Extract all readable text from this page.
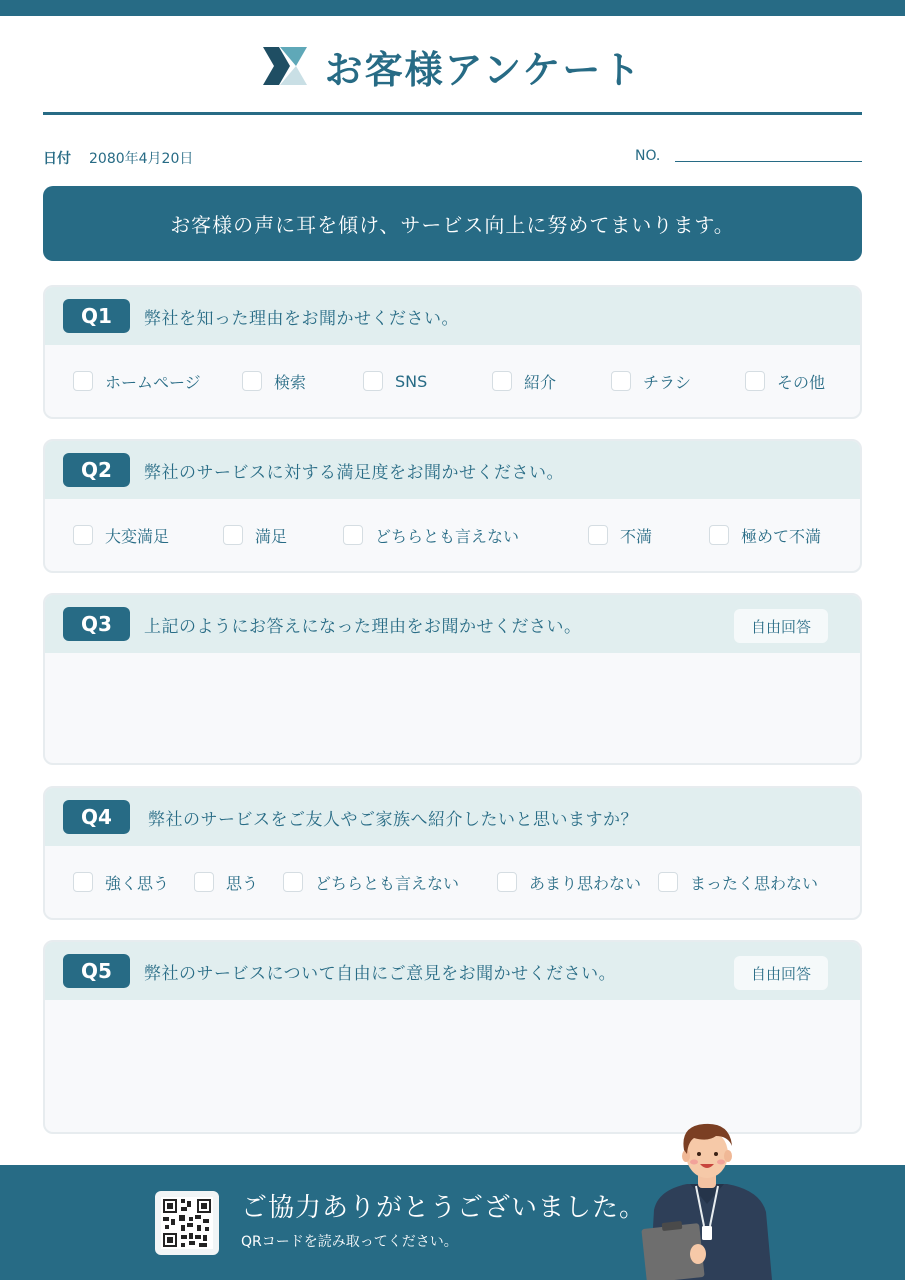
お客様アンケート
日付 2080年4月20日	NO.
お客様の声に耳を傾け、サービス向上に努めてまいります。
Q1	弊社を知った理由をお聞かせください。
ホームページ	検索	SNS	紹介	チラシ	その他
Q2	弊社のサービスに対する満足度をお聞かせください。
大変満足	満足	どちらとも言えない	不満	極めて不満
Q3	上記のようにお答えになった理由をお聞かせください。	自由回答
Q4	弊社のサービスをご友人やご家族へ紹介したいと思いますか？
強く思う	思う	どちらとも言えない	あまり思わない	まったく思わない
Q5	弊社のサービスについて自由にご意見をお聞かせください。	自由回答
ご協力ありがとうございました。
QRコードを読み取ってください。
